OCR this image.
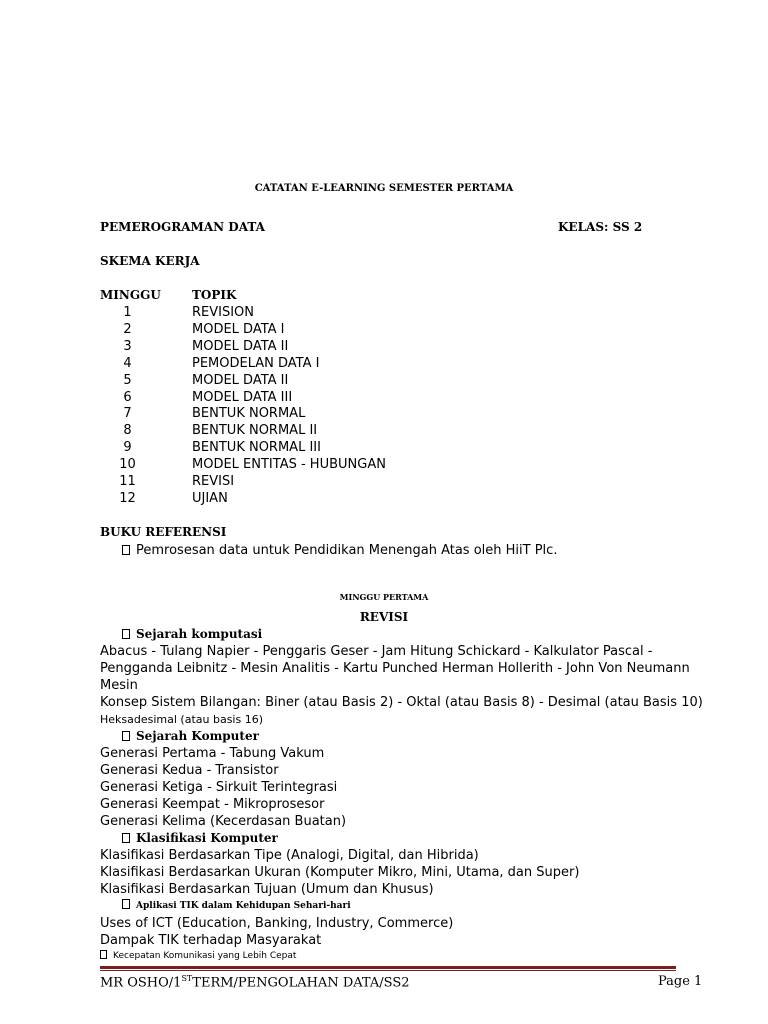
CATATAN E-LEARNING SEMESTER PERTAMA
PEMEROGRAMAN DATA	KELAS: SS 2
SKEMA KERJA
MINGGU	TOPIK
1	REVISION
2	MODEL DATA I
3	MODEL DATA II
4	PEMODELAN DATA I
5	MODEL DATA II
6	MODEL DATA III
7	BENTUK NORMAL
8	BENTUK NORMAL II
9	BENTUK NORMAL III
10	MODEL ENTITAS - HUBUNGAN
11	REVISI
12	UJIAN
BUKU REFERENSI
Pemrosesan data untuk Pendidikan Menengah Atas oleh HiiT Plc.
MINGGU PERTAMA
REVISI
Sejarah komputasi
Abacus - Tulang Napier - Penggaris Geser - Jam Hitung Schickard - Kalkulator Pascal -
Pengganda Leibnitz - Mesin Analitis - Kartu Punched Herman Hollerith - John Von Neumann
Mesin
Konsep Sistem Bilangan: Biner (atau Basis 2) - Oktal (atau Basis 8) - Desimal (atau Basis 10)
Heksadesimal (atau basis 16)
Sejarah Komputer
Generasi Pertama - Tabung Vakum
Generasi Kedua - Transistor
Generasi Ketiga - Sirkuit Terintegrasi
Generasi Keempat - Mikroprosesor
Generasi Kelima (Kecerdasan Buatan)
Klasifikasi Komputer
Klasifikasi Berdasarkan Tipe (Analogi, Digital, dan Hibrida)
Klasifikasi Berdasarkan Ukuran (Komputer Mikro, Mini, Utama, dan Super)
Klasifikasi Berdasarkan Tujuan (Umum dan Khusus)
Aplikasi TIK dalam Kehidupan Sehari-hari
Uses of ICT (Education, Banking, Industry, Commerce)
Dampak TIK terhadap Masyarakat
Kecepatan Komunikasi yang Lebih Cepat
MR OSHO/1STTERM/PENGOLAHAN DATA/SS2	Page 1
